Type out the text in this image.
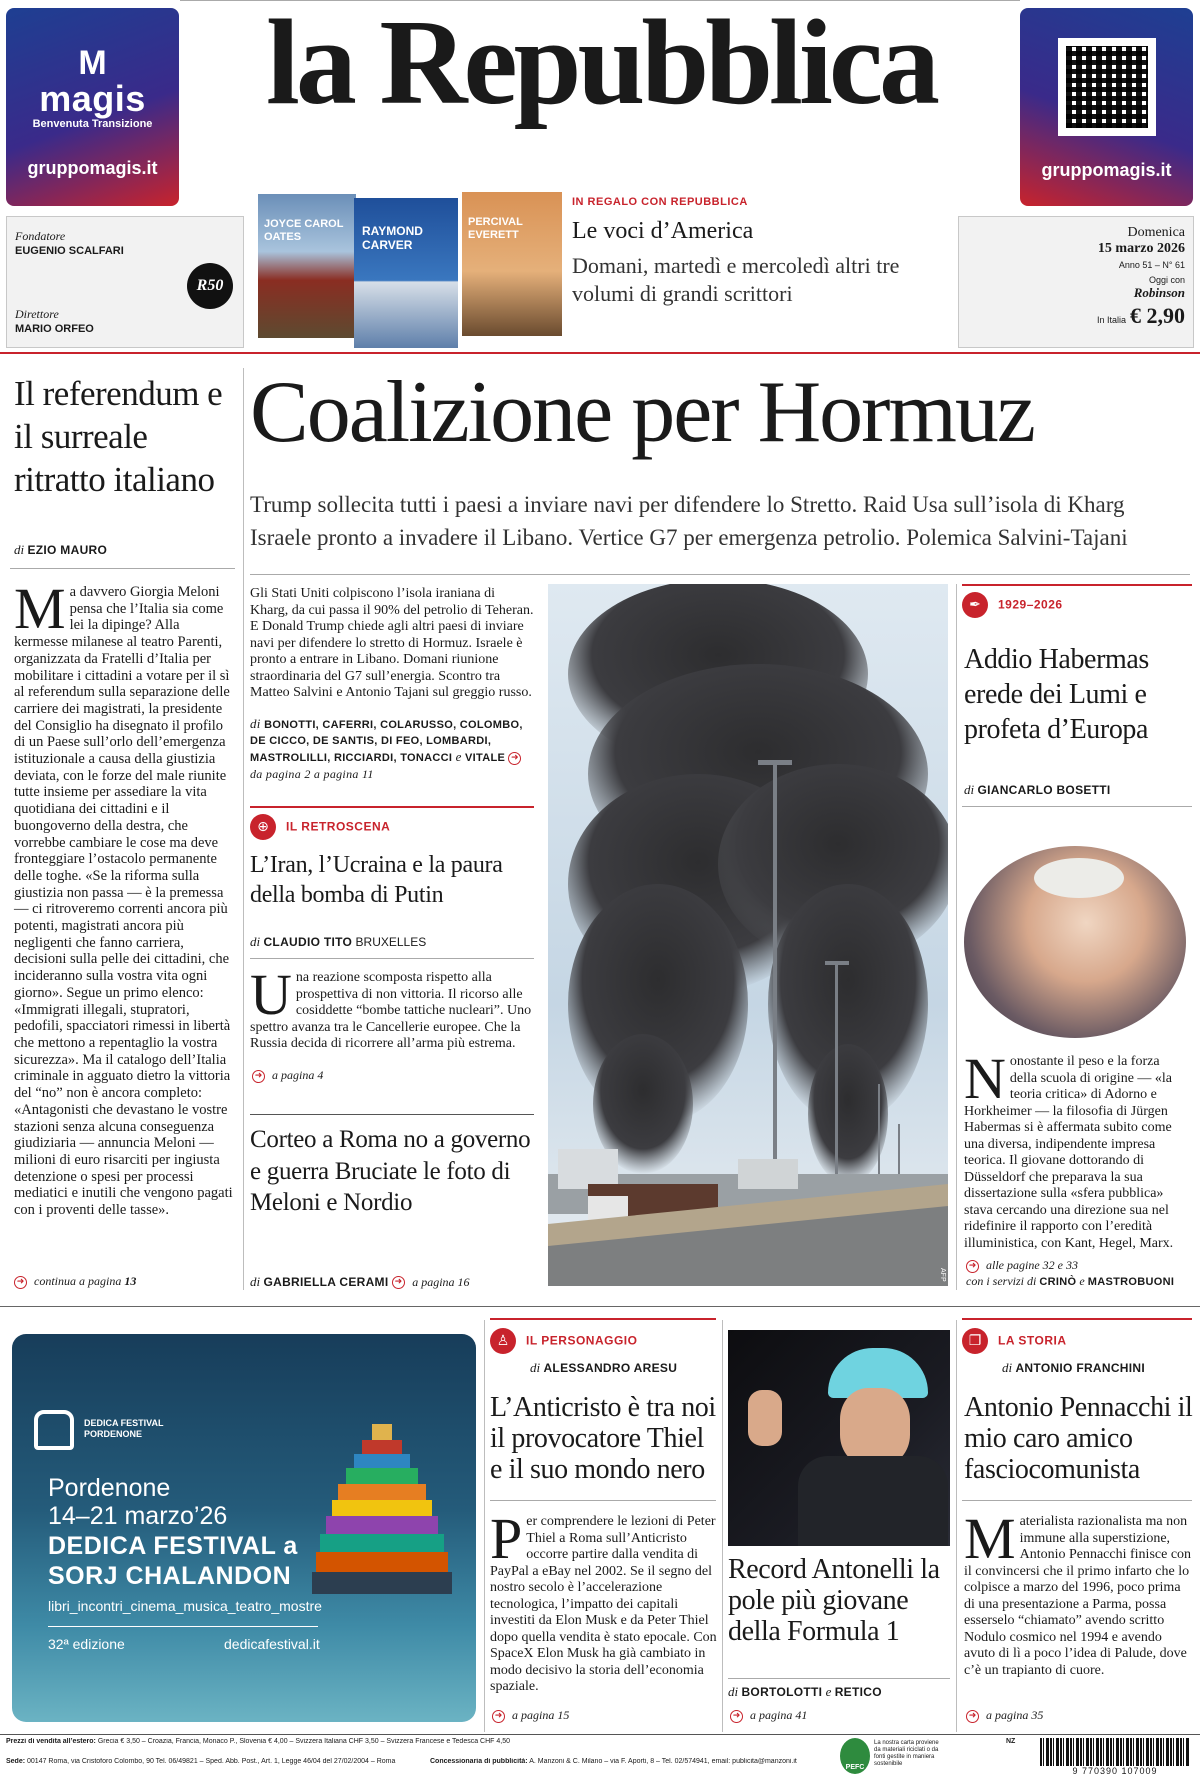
M
magis
Benvenuta Transizione
gruppomagis.it
la Repubblica
gruppomagis.it
Fondatore
EUGENIO SCALFARI
Direttore
MARIO ORFEO
R50
JOYCE CAROL OATES	RAYMOND CARVER
PERCIVAL EVERETT
IN REGALO CON REPUBBLICA
Le voci d’America
Domani, martedì e mercoledì altri tre volumi di grandi scrittori
Domenica
15 marzo 2026
Anno 51 – N° 61
Oggi con
Robinson
In Italia € 2,90
Il referendum e il surreale ritratto italiano
di EZIO MAURO
M a davvero Giorgia Meloni pensa che l’Italia sia come lei la dipinge? Alla kermesse milanese al teatro Parenti, organizzata da Fratelli d’Italia per mobilitare i cittadini a votare per il sì al referendum sulla separazione delle carriere dei magistrati, la presidente del Consiglio ha disegnato il profilo di un Paese sull’orlo dell’emergenza istituzionale a causa della giustizia deviata, con le forze del male riunite tutte insieme per assediare la vita quotidiana dei cittadini e il buongoverno della destra, che vorrebbe cambiare le cose ma deve fronteggiare l’ostacolo permanente delle toghe. «Se la riforma sulla giustizia non passa — è la premessa — ci ritroveremo correnti ancora più potenti, magistrati ancora più negligenti che fanno carriera, decisioni sulla pelle dei cittadini, che incideranno sulla vostra vita ogni giorno». Segue un primo elenco: «Immigrati illegali, stupratori, pedofili, spacciatori rimessi in libertà che mettono a repentaglio la vostra sicurezza». Ma il catalogo dell’Italia criminale in agguato dietro la vittoria del “no” non è ancora completo: «Antagonisti che devastano le vostre stazioni senza alcuna conseguenza giudiziaria — annuncia Meloni — milioni di euro risarciti per ingiusta detenzione o spesi per processi mediatici e inutili che vengono pagati con i proventi delle tasse».
➜ continua a pagina 13
Coalizione per Hormuz
Trump sollecita tutti i paesi a inviare navi per difendere lo Stretto. Raid Usa sull’isola di Kharg Israele pronto a invadere il Libano. Vertice G7 per emergenza petrolio. Polemica Salvini-Tajani
Gli Stati Uniti colpiscono l’isola iraniana di Kharg, da cui passa il 90% del petrolio di Teheran. E Donald Trump chiede agli altri paesi di inviare navi per difendere lo stretto di Hormuz. Israele è pronto a entrare in Libano. Domani riunione straordinaria del G7 sull’energia. Scontro tra Matteo Salvini e Antonio Tajani sul greggio russo.
di BONOTTI, CAFERRI, COLARUSSO, COLOMBO, DE CICCO, DE SANTIS, DI FEO, LOMBARDI, MASTROLILLI, RICCIARDI, TONACCI e VITALE ➜ da pagina 2 a pagina 11
⊕ IL RETROSCENA
L’Iran, l’Ucraina e la paura della bomba di Putin
di CLAUDIO TITO BRUXELLES
U na reazione scomposta rispetto alla prospettiva di non vittoria. Il ricorso alle cosiddette “bombe tattiche nucleari”. Uno spettro avanza tra le Cancellerie europee. Che la Russia decida di ricorrere all’arma più estrema.
➜ a pagina 4
Corteo a Roma no a governo e guerra Bruciate le foto di Meloni e Nordio
di GABRIELLA CERAMI ➜ a pagina 16	AFP
✒ 1929–2026
Addio Habermas erede dei Lumi e profeta d’Europa
di GIANCARLO BOSETTI
N onostante il peso e la forza della scuola di origine — «la teoria critica» di Adorno e Horkheimer — la filosofia di Jürgen Habermas si è affermata subito come una diversa, indipendente impresa teorica. Il giovane dottorando di Düsseldorf che preparava la sua dissertazione sulla «sfera pubblica» stava cercando una direzione sua nel ridefinire il rapporto con l’eredità illuministica, con Kant, Hegel, Marx.
➜ alle pagine 32 e 33
con i servizi di CRINÒ e MASTROBUONI
DEDICA FESTIVAL PORDENONE
Pordenone
14–21 marzo’26
DEDICA FESTIVAL a
SORJ CHALANDON
libri_incontri_cinema_musica_teatro_mostre
32ª edizione	dedicafestival.it
♙ IL PERSONAGGIO
di ALESSANDRO ARESU
L’Anticristo è tra noi il provocatore Thiel e il suo mondo nero
P er comprendere le lezioni di Peter Thiel a Roma sull’Anticristo occorre partire dalla vendita di PayPal a eBay nel 2002. Se il segno del nostro secolo è l’accelerazione tecnologica, l’impatto dei capitali investiti da Elon Musk e da Peter Thiel dopo quella vendita è stato epocale. Con SpaceX Elon Musk ha già cambiato in modo decisivo la storia dell’economia spaziale.
➜ a pagina 15
Record Antonelli la pole più giovane della Formula 1
di BORTOLOTTI e RETICO
➜ a pagina 41
❐ LA STORIA
di ANTONIO FRANCHINI
Antonio Pennacchi il mio caro amico fasciocomunista
M aterialista razionalista ma non immune alla superstizione, Antonio Pennacchi finisce con il convincersi che il primo infarto che lo colpisce a marzo del 1996, poco prima di una presentazione a Parma, possa esserselo “chiamato” avendo scritto Nodulo cosmico nel 1994 e avendo avuto di lì a poco l’idea di Palude, dove c’è un trapianto di cuore.
➜ a pagina 35
Prezzi di vendita all’estero: Grecia € 3,50 – Croazia, Francia, Monaco P., Slovenia € 4,00 – Svizzera Italiana CHF 3,50 – Svizzera Francese e Tedesca CHF 4,50
Sede: 00147 Roma, via Cristoforo Colombo, 90 Tel. 06/49821 – Sped. Abb. Post., Art. 1, Legge 46/04 del 27/02/2004 – Roma	Concessionaria di pubblicità: A. Manzoni & C. Milano – via F. Aporti, 8 – Tel. 02/574941, email: publicita@manzoni.it
PEFC
La nostra carta proviene da materiali riciclati o da fonti gestite in maniera sostenibile
NZ
9 770390 107009
